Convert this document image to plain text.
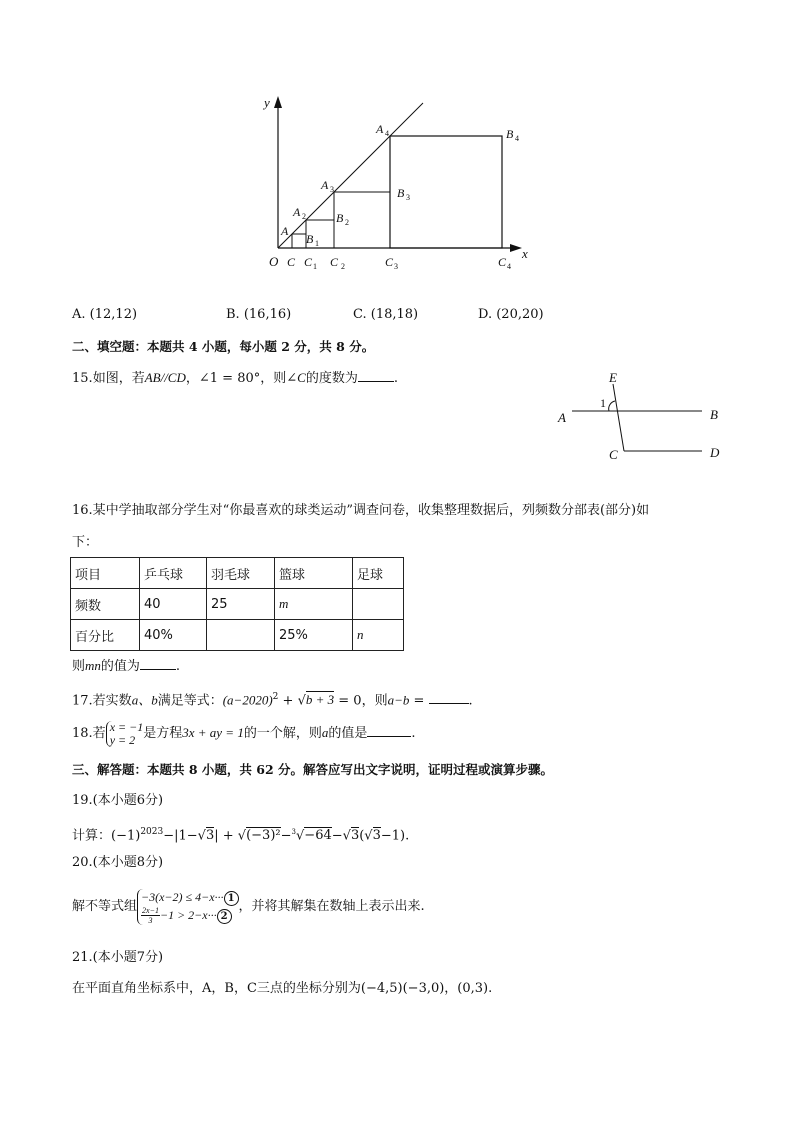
y
x
O
A
A 2
A 3
A 4
B 1
B 2
B 3
B 4
C C 1 C 2	C 3	C 4
A. (12,12)	B. (16,16)	C. (18,18)	D. (20,20)
二、填空题：本题共 4 小题，每小题 2 分，共 8 分。
15.如图，若AB//CD，∠1 = 80°，则∠C的度数为	.	E
A	B
C	D
1
16.某中学抽取部分学生对“你最喜欢的球类运动”调查问卷，收集整理数据后，列频数分部表(部分)如
下：
项目	乒乓球	羽毛球	篮球	足球
频数	40	25	m	
百分比	40%		25%	n
则mn的值为	.
17.若实数a、b满足等式：$(a-2020)^2 + √b + 3 = 0$，则a−b =	.
18.若 x = −1
y = 2 是方程3x + ay = 1的一个解，则a的值是	.
三、解答题：本题共 8 小题，共 62 分。解答应写出文字说明，证明过程或演算步骤。
19.(本小题6分)
计算：$(-1)^{2023}-|1-√3| + √(-3)^2-^3√-64-√3(√3-1)$.
20.(本小题8分)
解不等式组
−3(x−2) ≤ 4−x··· 1
$\frac{2x-1}{3} -1 > 2-x\cdot\cdot\cdot 2$
，并将其解集在数轴上表示出来.
21.(本小题7分)
在平面直角坐标系中，A，B，C三点的坐标分别为(−4,5)(−3,0)，(0,3).
